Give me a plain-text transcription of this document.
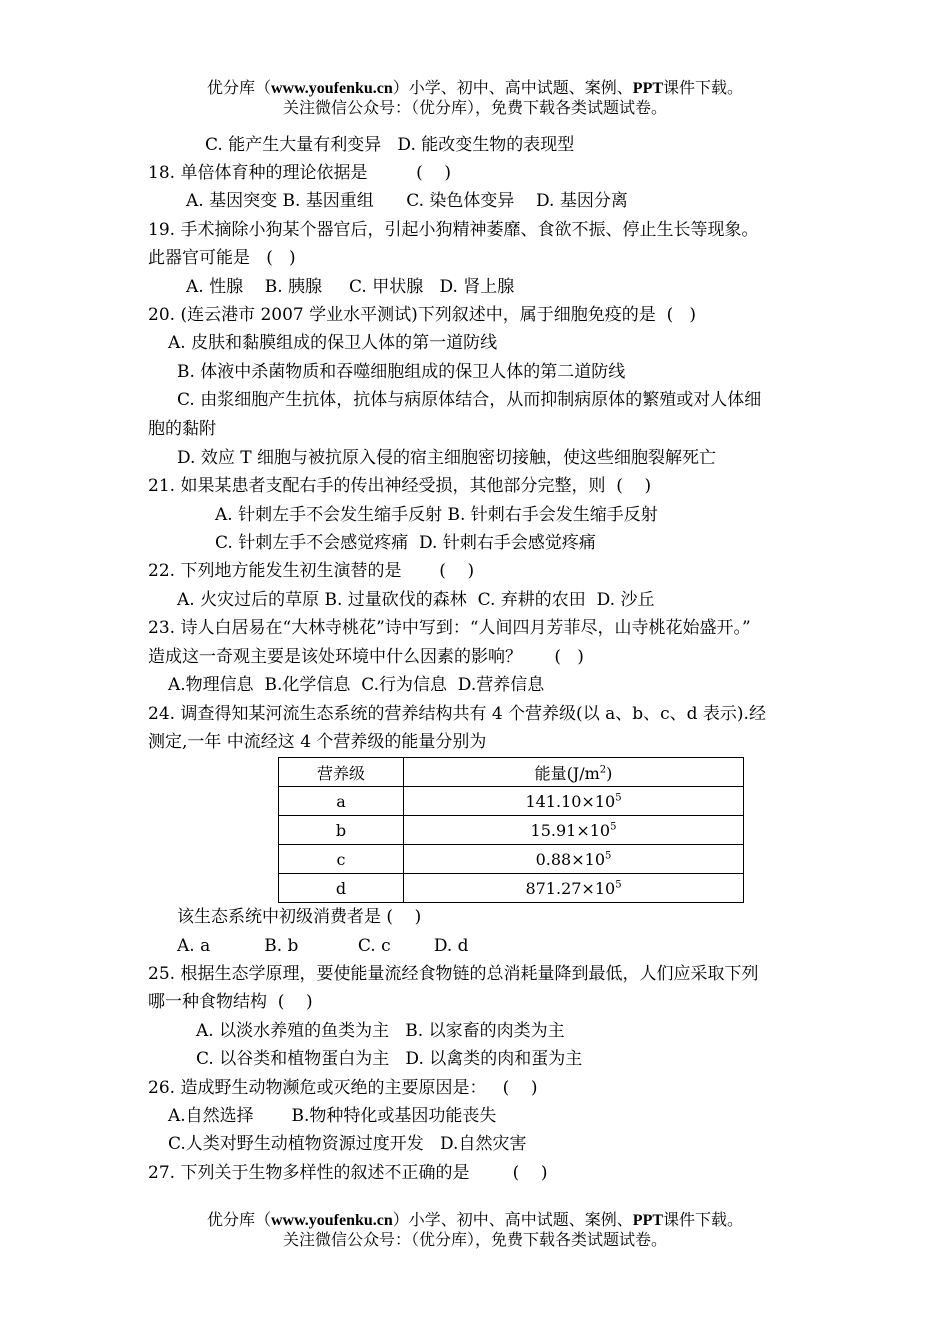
优分库（www.youfenku.cn）小学、初中、高中试题、案例、PPT课件下载。
关注微信公众号：（优分库），免费下载各类试题试卷。
C. 能产生大量有利变异   D. 能改变生物的表现型
18. 单倍体育种的理论依据是         (    )
A. 基因突变 B. 基因重组      C. 染色体变异    D. 基因分离
19. 手术摘除小狗某个器官后，引起小狗精神萎靡、食欲不振、停止生长等现象。
此器官可能是   (   )
A. 性腺    B. 胰腺     C. 甲状腺   D. 肾上腺
20. (连云港市 2007 学业水平测试)下列叙述中，属于细胞免疫的是  (   )
A. 皮肤和黏膜组成的保卫人体的第一道防线
B. 体液中杀菌物质和吞噬细胞组成的保卫人体的第二道防线
C. 由浆细胞产生抗体，抗体与病原体结合，从而抑制病原体的繁殖或对人体细
胞的黏附
D. 效应 T 细胞与被抗原入侵的宿主细胞密切接触，使这些细胞裂解死亡
21. 如果某患者支配右手的传出神经受损，其他部分完整，则  (    )
A. 针刺左手不会发生缩手反射 B. 针刺右手会发生缩手反射
C. 针刺左手不会感觉疼痛  D. 针刺右手会感觉疼痛
22. 下列地方能发生初生演替的是       (    )
A. 火灾过后的草原 B. 过量砍伐的森林  C. 弃耕的农田  D. 沙丘
23. 诗人白居易在“大林寺桃花”诗中写到：“人间四月芳菲尽，山寺桃花始盛开。”
造成这一奇观主要是该处环境中什么因素的影响？      (   )
A.物理信息  B.化学信息  C.行为信息  D.营养信息
24. 调查得知某河流生态系统的营养结构共有 4 个营养级(以 a、b、c、d 表示).经
测定,一年 中流经这 4 个营养级的能量分别为
营养级	能量$(J/m^2)$
a	$141.10\times 10^5$
b	$15.91\times 10^5$
c	$0.88\times 10^5$
d	$871.27\times 10^5$
该生态系统中初级消费者是 (    )
A. a          B. b           C. c        D. d
25. 根据生态学原理，要使能量流经食物链的总消耗量降到最低，人们应采取下列
哪一种食物结构  (    )
A. 以淡水养殖的鱼类为主   B. 以家畜的肉类为主
C. 以谷类和植物蛋白为主   D. 以禽类的肉和蛋为主
26. 造成野生动物濒危或灭绝的主要原因是：   (    )
A.自然选择       B.物种特化或基因功能丧失
C.人类对野生动植物资源过度开发   D.自然灾害
27. 下列关于生物多样性的叙述不正确的是        (    )
优分库（www.youfenku.cn）小学、初中、高中试题、案例、PPT课件下载。
关注微信公众号：（优分库），免费下载各类试题试卷。
